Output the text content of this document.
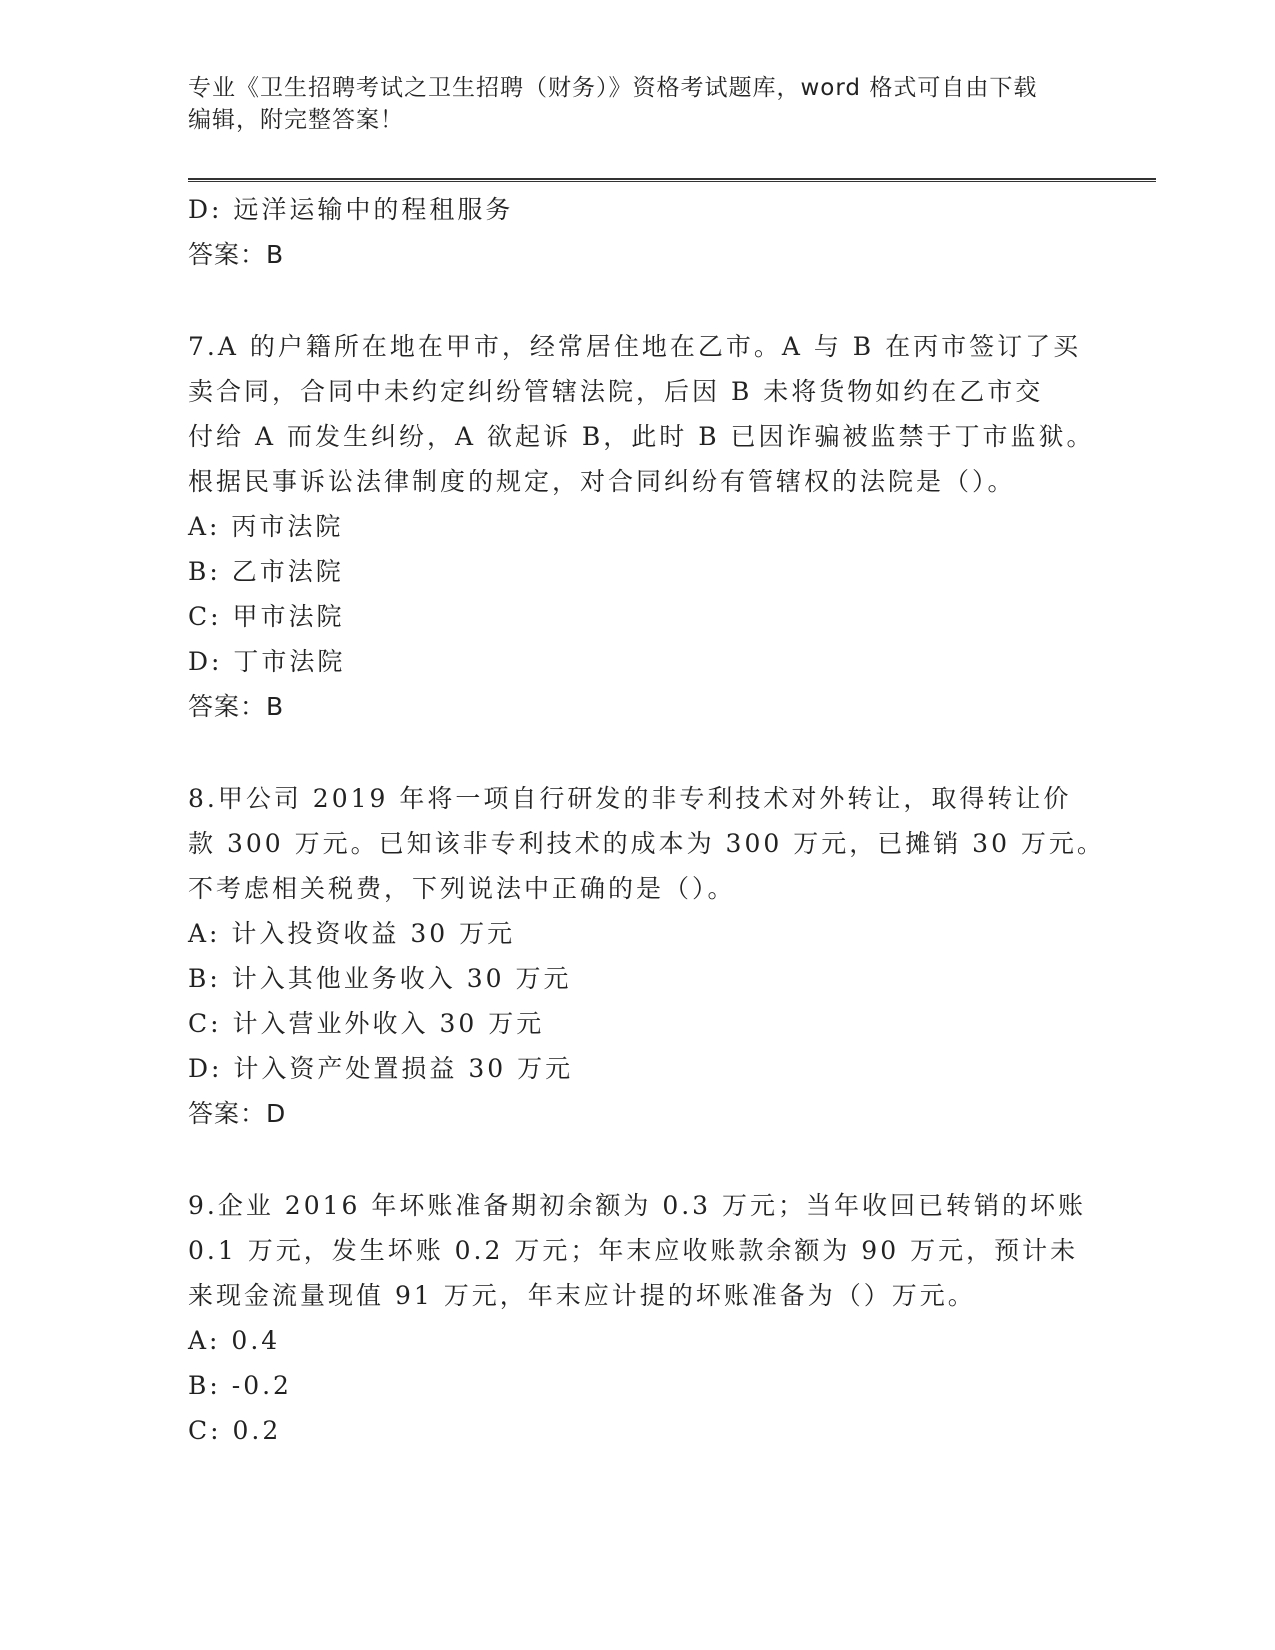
专业《卫生招聘考试之卫生招聘（财务）》资格考试题库，word 格式可自由下载
编辑，附完整答案！
D: 远洋运输中的程租服务
答案：B
7.A 的户籍所在地在甲市，经常居住地在乙市。A 与 B 在丙市签订了买
卖合同，合同中未约定纠纷管辖法院，后因 B 未将货物如约在乙市交
付给 A 而发生纠纷，A 欲起诉 B，此时 B 已因诈骗被监禁于丁市监狱。
根据民事诉讼法律制度的规定，对合同纠纷有管辖权的法院是（）。
A: 丙市法院
B: 乙市法院
C: 甲市法院
D: 丁市法院
答案：B
8.甲公司 2019 年将一项自行研发的非专利技术对外转让，取得转让价
款 300 万元。已知该非专利技术的成本为 300 万元，已摊销 30 万元。
不考虑相关税费，下列说法中正确的是（）。
A: 计入投资收益 30 万元
B: 计入其他业务收入 30 万元
C: 计入营业外收入 30 万元
D: 计入资产处置损益 30 万元
答案：D
9.企业 2016 年坏账准备期初余额为 0.3 万元；当年收回已转销的坏账
0.1 万元，发生坏账 0.2 万元；年末应收账款余额为 90 万元，预计未
来现金流量现值 91 万元，年末应计提的坏账准备为（）万元。
A: 0.4
B: -0.2
C: 0.2
